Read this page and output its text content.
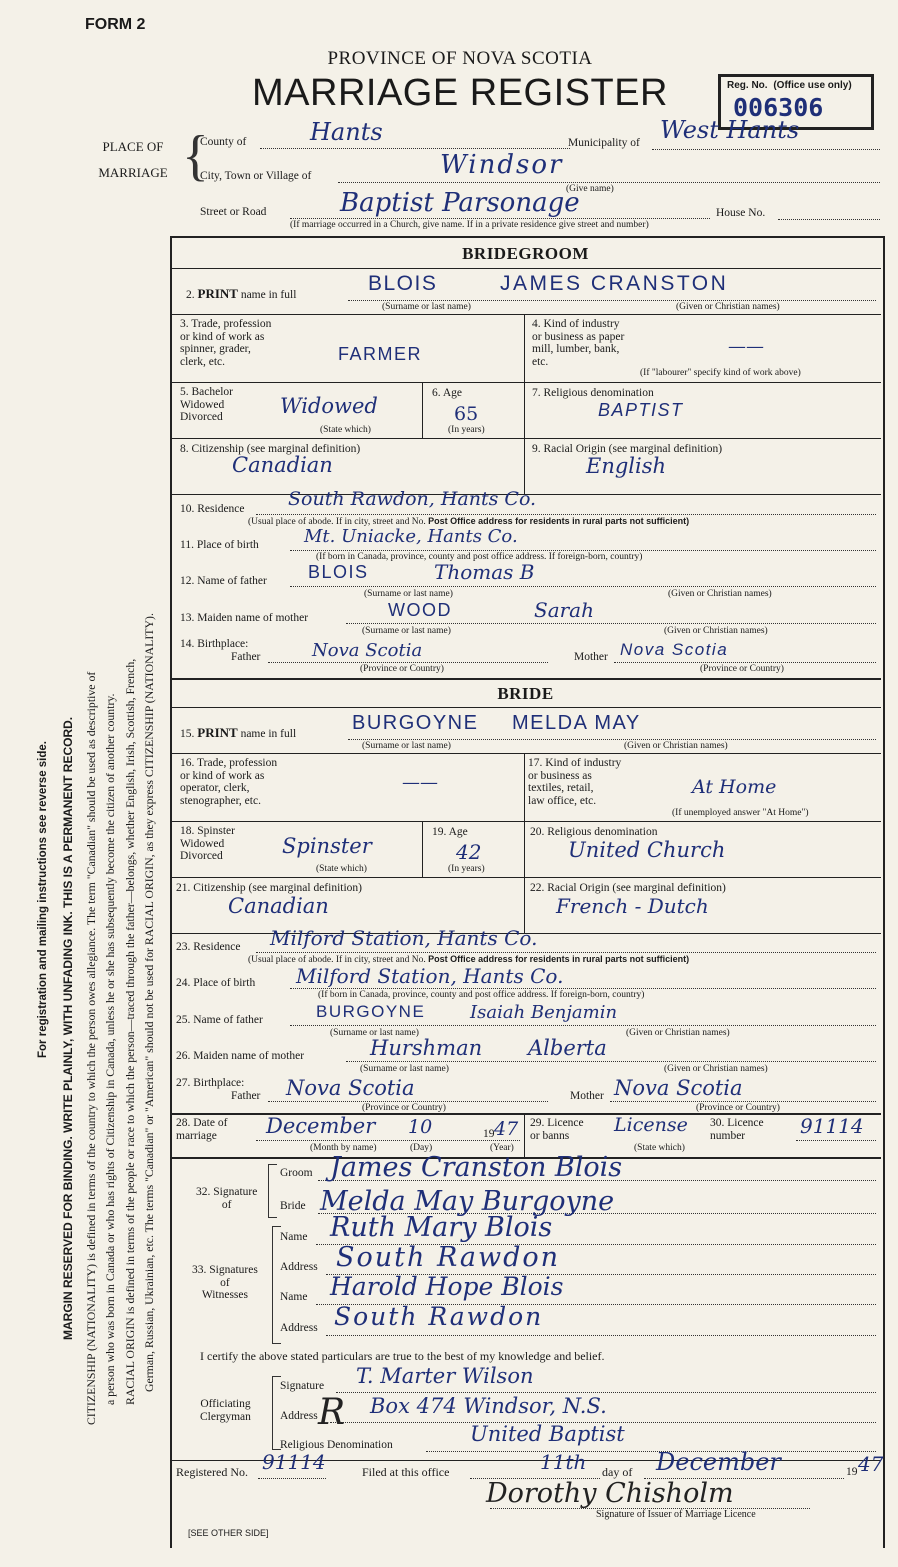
FORM 2
PROVINCE OF NOVA SCOTIA
MARRIAGE REGISTER	Reg. No. (Office use only)
006306
For registration and mailing instructions see reverse side. MARGIN RESERVED FOR BINDING. WRITE PLAINLY, WITH UNFADING INK. THIS IS A PERMANENT RECORD. CITIZENSHIP (NATIONALITY) is defined in terms of the country to which the person owes allegiance. The term "Canadian" should be used as descriptive of a person who was born in Canada or who has rights of Citizenship in Canada, unless he or she has subsequently become the citizen of another country. RACIAL ORIGIN is defined in terms of the people or race to which the person—traced through the father—belongs, whether English, Irish, Scottish, French, German, Russian, Ukrainian, etc. The terms "Canadian" or "American" should not be used for RACIAL ORIGIN, as they express CITIZENSHIP (NATIONALITY).
PLACE OF
MARRIAGE {
County of	Hants	Municipality of West Hants
City, Town or Village of	Windsor
(Give name)
Street or Road	Baptist Parsonage	House No.
(If marriage occurred in a Church, give name. If in a private residence give street and number)
BRIDEGROOM
2. PRINT name in full	BLOIS	JAMES CRANSTON
(Surname or last name)	(Given or Christian names)
3. Trade, profession
or kind of work as
spinner, grader,
clerk, etc.	FARMER
4. Kind of industry
or business as paper
mill, lumber, bank,
etc.
——
(If "labourer" specify kind of work above)
5. Bachelor
Widowed
Divorced	Widowed
(State which)
6. Age
65
(In years)
7. Religious denomination
BAPTIST
8. Citizenship (see marginal definition)
Canadian
9. Racial Origin (see marginal definition)
English
10. Residence South Rawdon, Hants Co.
(Usual place of abode. If in city, street and No. Post Office address for residents in rural parts not sufficient)
11. Place of birth	Mt. Uniacke, Hants Co.
(If born in Canada, province, county and post office address. If foreign-born, country)
12. Name of father BLOIS	Thomas B
(Surname or last name)	(Given or Christian names)
13. Maiden name of mother	WOOD	Sarah
(Surname or last name)	(Given or Christian names)
14. Birthplace:
Father	Nova Scotia
(Province or Country)
Mother Nova Scotia
(Province or Country)
BRIDE
15. PRINT name in full	BURGOYNE MELDA MAY
(Surname or last name)	(Given or Christian names)
16. Trade, profession
or kind of work as
operator, clerk,
stenographer, etc.
——
17. Kind of industry
or business as
textiles, retail,
law office, etc.
At Home
(If unemployed answer "At Home")
18. Spinster
Widowed
Divorced	Spinster
(State which)
19. Age
42
(In years)
20. Religious denomination
United Church
21. Citizenship (see marginal definition)
Canadian
22. Racial Origin (see marginal definition)
French - Dutch
23. Residence Milford Station, Hants Co.
(Usual place of abode. If in city, street and No. Post Office address for residents in rural parts not sufficient)
24. Place of birth Milford Station, Hants Co.
(If born in Canada, province, county and post office address. If foreign-born, country)
25. Name of father	BURGOYNE Isaiah Benjamin
(Surname or last name)	(Given or Christian names)
26. Maiden name of mother	Hurshman Alberta
(Surname or last name)	(Given or Christian names)
27. Birthplace:
Father Nova Scotia
(Province or Country)
Mother Nova Scotia
(Province or Country)
28. Date of
marriage	December 10	19 47
(Month by name)	(Day)	(Year)
29. Licence
or banns	License
(State which)
30. Licence
number	91114
32. Signature
of
Groom James Cranston Blois
Bride Melda May Burgoyne
33. Signatures
of
Witnesses
Name Ruth Mary Blois
Address South Rawdon
Name Harold Hope Blois
Address South Rawdon
I certify the above stated particulars are true to the best of my knowledge and belief.
Officiating
Clergyman
Signature T. Marter Wilson
Address Box 474 Windsor, N.S.
Religious Denomination	United Baptist
R
Registered No. 91114	Filed at this office	11th day of December	19 47
Dorothy Chisholm
Signature of Issuer of Marriage Licence
[SEE OTHER SIDE]
